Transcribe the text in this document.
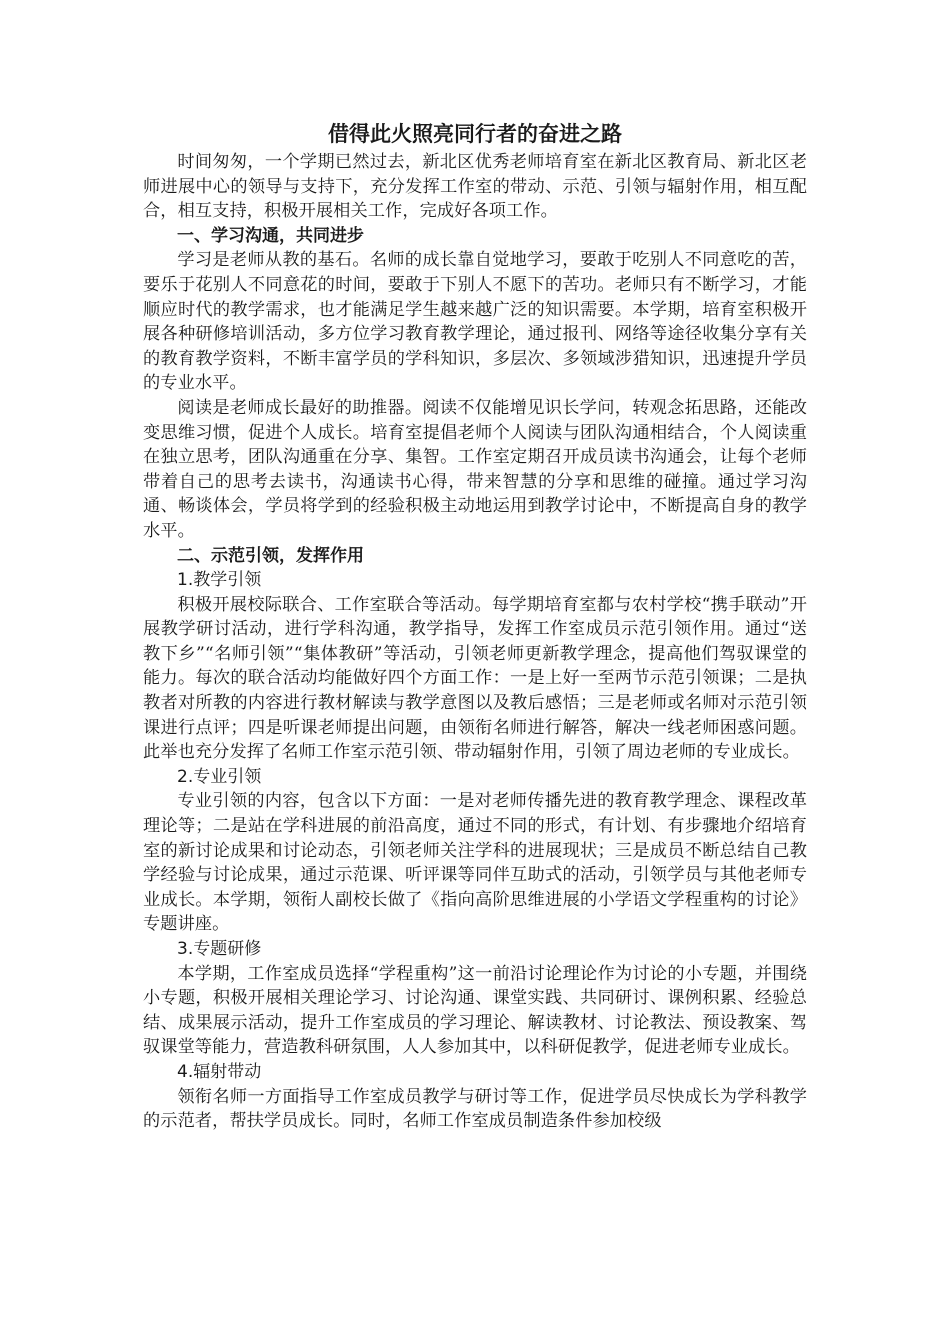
借得此火照亮同行者的奋进之路

时间匆匆，一个学期已然过去，新北区优秀老师培育室在新北区教育局、新北区老师进展中心的领导与支持下，充分发挥工作室的带动、示范、引领与辐射作用，相互配合，相互支持，积极开展相关工作，完成好各项工作。

一、学习沟通，共同进步

学习是老师从教的基石。名师的成长靠自觉地学习，要敢于吃别人不同意吃的苦，要乐于花别人不同意花的时间，要敢于下别人不愿下的苦功。老师只有不断学习，才能顺应时代的教学需求，也才能满足学生越来越广泛的知识需要。本学期，培育室积极开展各种研修培训活动，多方位学习教育教学理论，通过报刊、网络等途径收集分享有关的教育教学资料，不断丰富学员的学科知识，多层次、多领域涉猎知识，迅速提升学员的专业水平。

阅读是老师成长最好的助推器。阅读不仅能增见识长学问，转观念拓思路，还能改变思维习惯，促进个人成长。培育室提倡老师个人阅读与团队沟通相结合，个人阅读重在独立思考，团队沟通重在分享、集智。工作室定期召开成员读书沟通会，让每个老师带着自己的思考去读书，沟通读书心得，带来智慧的分享和思维的碰撞。通过学习沟通、畅谈体会，学员将学到的经验积极主动地运用到教学讨论中，不断提高自身的教学水平。

二、示范引领，发挥作用

1.教学引领

积极开展校际联合、工作室联合等活动。每学期培育室都与农村学校“携手联动”开展教学研讨活动，进行学科沟通，教学指导，发挥工作室成员示范引领作用。通过“送教下乡”“名师引领”“集体教研”等活动，引领老师更新教学理念，提高他们驾驭课堂的能力。每次的联合活动均能做好四个方面工作：一是上好一至两节示范引领课；二是执教者对所教的内容进行教材解读与教学意图以及教后感悟；三是老师或名师对示范引领课进行点评；四是听课老师提出问题，由领衔名师进行解答，解决一线老师困惑问题。此举也充分发挥了名师工作室示范引领、带动辐射作用，引领了周边老师的专业成长。

2.专业引领

专业引领的内容，包含以下方面：一是对老师传播先进的教育教学理念、课程改革理论等；二是站在学科进展的前沿高度，通过不同的形式，有计划、有步骤地介绍培育室的新讨论成果和讨论动态，引领老师关注学科的进展现状；三是成员不断总结自己教学经验与讨论成果，通过示范课、听评课等同伴互助式的活动，引领学员与其他老师专业成长。本学期，领衔人副校长做了《指向高阶思维进展的小学语文学程重构的讨论》专题讲座。

3.专题研修

本学期，工作室成员选择“学程重构”这一前沿讨论理论作为讨论的小专题，并围绕小专题，积极开展相关理论学习、讨论沟通、课堂实践、共同研讨、课例积累、经验总结、成果展示活动，提升工作室成员的学习理论、解读教材、讨论教法、预设教案、驾驭课堂等能力，营造教科研氛围，人人参加其中，以科研促教学，促进老师专业成长。

4.辐射带动

领衔名师一方面指导工作室成员教学与研讨等工作，促进学员尽快成长为学科教学的示范者，帮扶学员成长。同时，名师工作室成员制造条件参加校级
